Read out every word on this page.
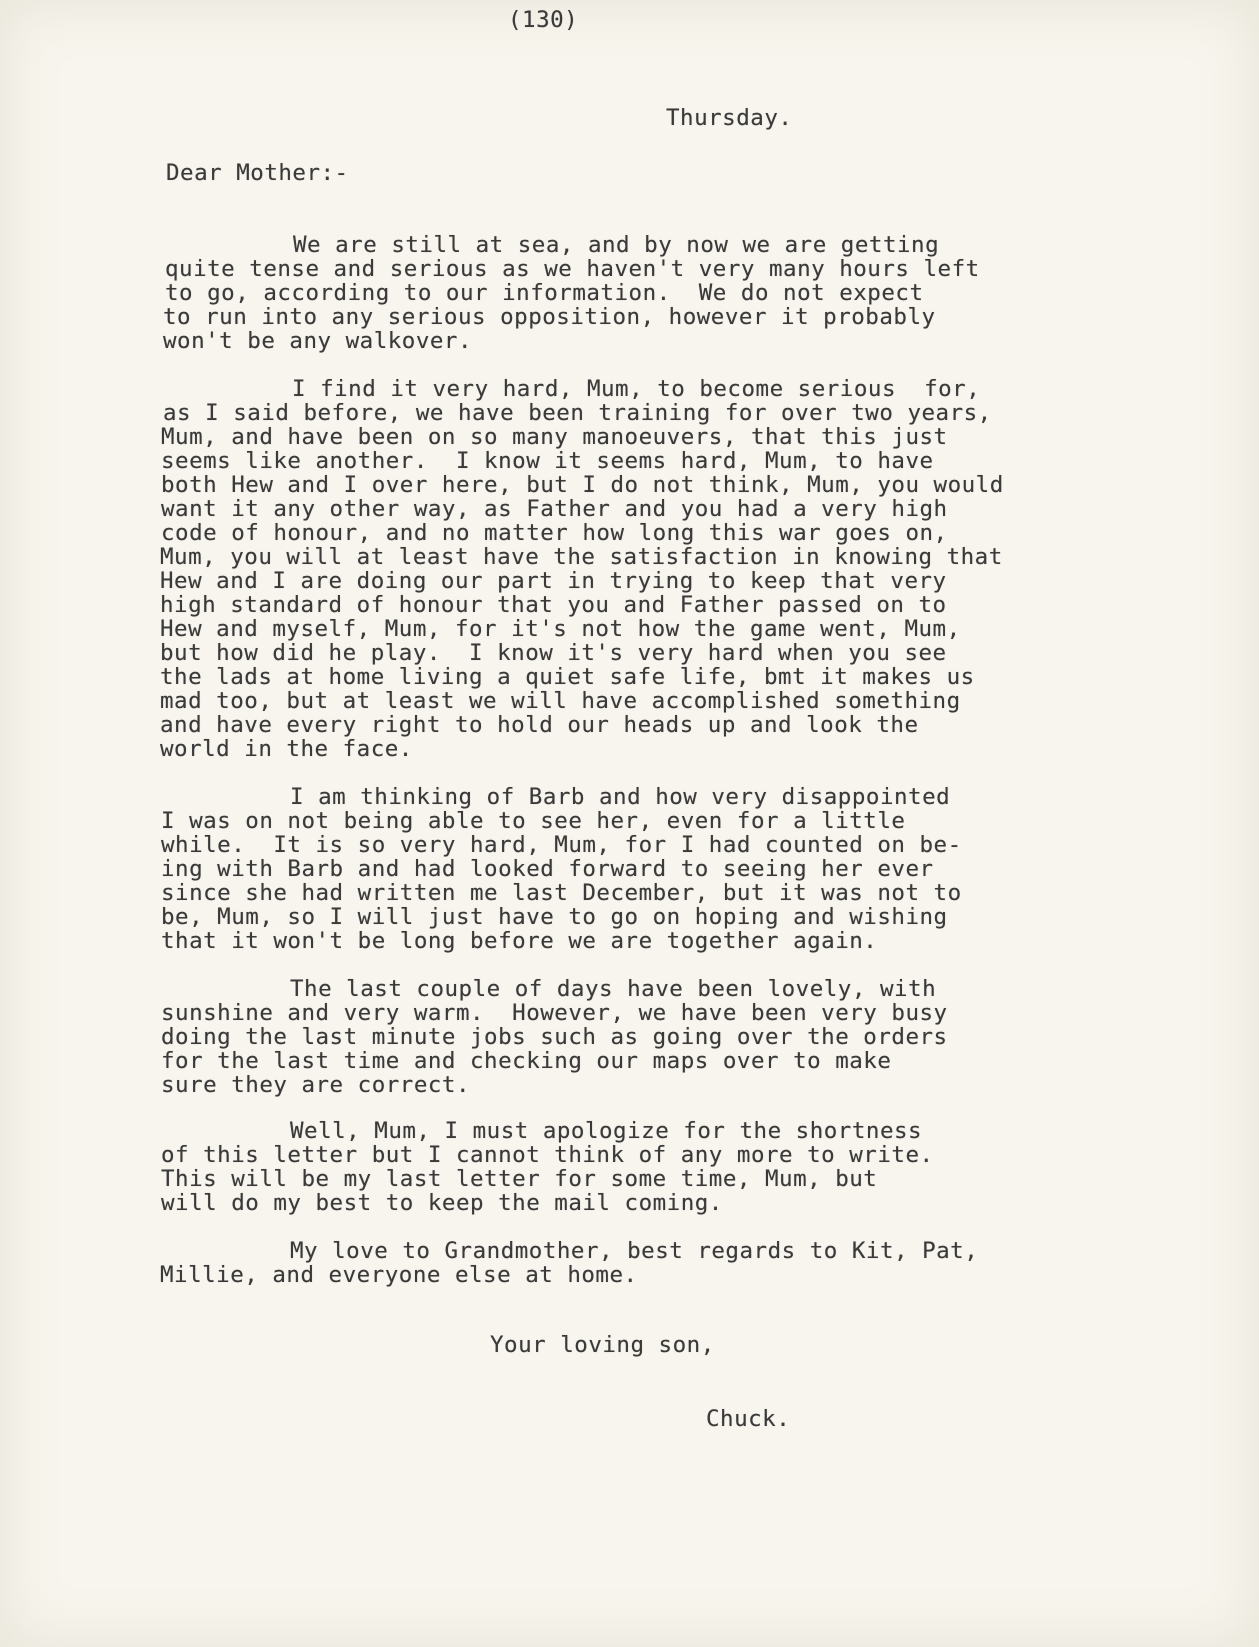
(130)
Thursday.
Dear Mother:-
We are still at sea, and by now we are getting
quite tense and serious as we haven't very many hours left
to go, according to our information.  We do not expect
to run into any serious opposition, however it probably
won't be any walkover.
I find it very hard, Mum, to become serious  for,
as I said before, we have been training for over two years,
Mum, and have been on so many manoeuvers, that this just
seems like another.  I know it seems hard, Mum, to have
both Hew and I over here, but I do not think, Mum, you would
want it any other way, as Father and you had a very high
code of honour, and no matter how long this war goes on,
Mum, you will at least have the satisfaction in knowing that
Hew and I are doing our part in trying to keep that very
high standard of honour that you and Father passed on to
Hew and myself, Mum, for it's not how the game went, Mum,
but how did he play.  I know it's very hard when you see
the lads at home living a quiet safe life, bmt it makes us
mad too, but at least we will have accomplished something
and have every right to hold our heads up and look the
world in the face.
I am thinking of Barb and how very disappointed
I was on not being able to see her, even for a little
while.  It is so very hard, Mum, for I had counted on be-
ing with Barb and had looked forward to seeing her ever
since she had written me last December, but it was not to
be, Mum, so I will just have to go on hoping and wishing
that it won't be long before we are together again.
The last couple of days have been lovely, with
sunshine and very warm.  However, we have been very busy
doing the last minute jobs such as going over the orders
for the last time and checking our maps over to make
sure they are correct.
Well, Mum, I must apologize for the shortness
of this letter but I cannot think of any more to write.
This will be my last letter for some time, Mum, but
will do my best to keep the mail coming.
My love to Grandmother, best regards to Kit, Pat,
Millie, and everyone else at home.
Your loving son,
Chuck.
